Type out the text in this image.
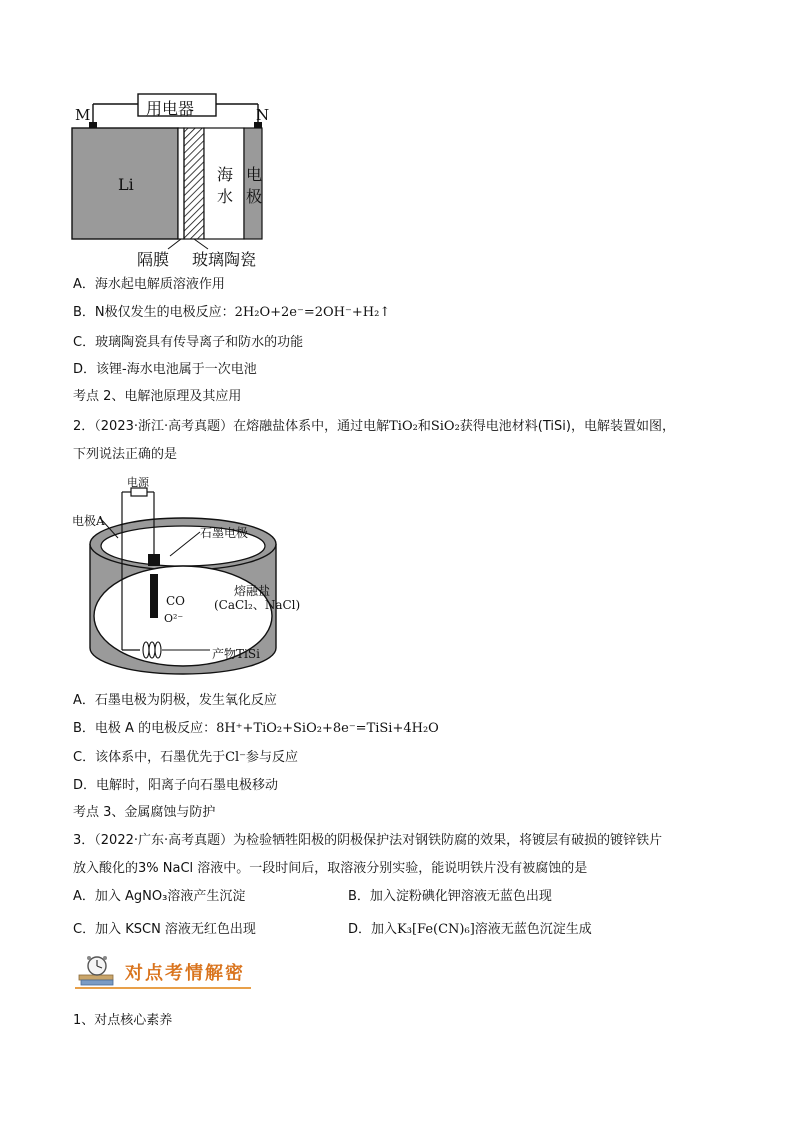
M	N
用电器
Li
海
水
电
极
隔膜 玻璃陶瓷
A．海水起电解质溶液作用
B．N极仅发生的电极反应：2H₂O+2e⁻=2OH⁻+H₂↑
C．玻璃陶瓷具有传导离子和防水的功能
D．该锂-海水电池属于一次电池
考点 2、电解池原理及其应用
2．（2023·浙江·高考真题）在熔融盐体系中，通过电解TiO₂和SiO₂获得电池材料(TiSi)，电解装置如图，
下列说法正确的是
电源
电极A
石墨电极
熔融盐
(CaCl₂、NaCl)
CO
O²⁻
产物TiSi
A．石墨电极为阴极，发生氧化反应
B．电极 A 的电极反应：8H⁺+TiO₂+SiO₂+8e⁻=TiSi+4H₂O
C．该体系中，石墨优先于Cl⁻参与反应
D．电解时，阳离子向石墨电极移动
考点 3、金属腐蚀与防护
3．（2022·广东·高考真题）为检验牺牲阳极的阴极保护法对钢铁防腐的效果，将镀层有破损的镀锌铁片
放入酸化的3% NaCl 溶液中。一段时间后，取溶液分别实验，能说明铁片没有被腐蚀的是
A．加入 AgNO₃溶液产生沉淀	B．加入淀粉碘化钾溶液无蓝色出现
C．加入 KSCN 溶液无红色出现	D．加入K₃[Fe(CN)₆]溶液无蓝色沉淀生成
对点考情解密
1、对点核心素养
